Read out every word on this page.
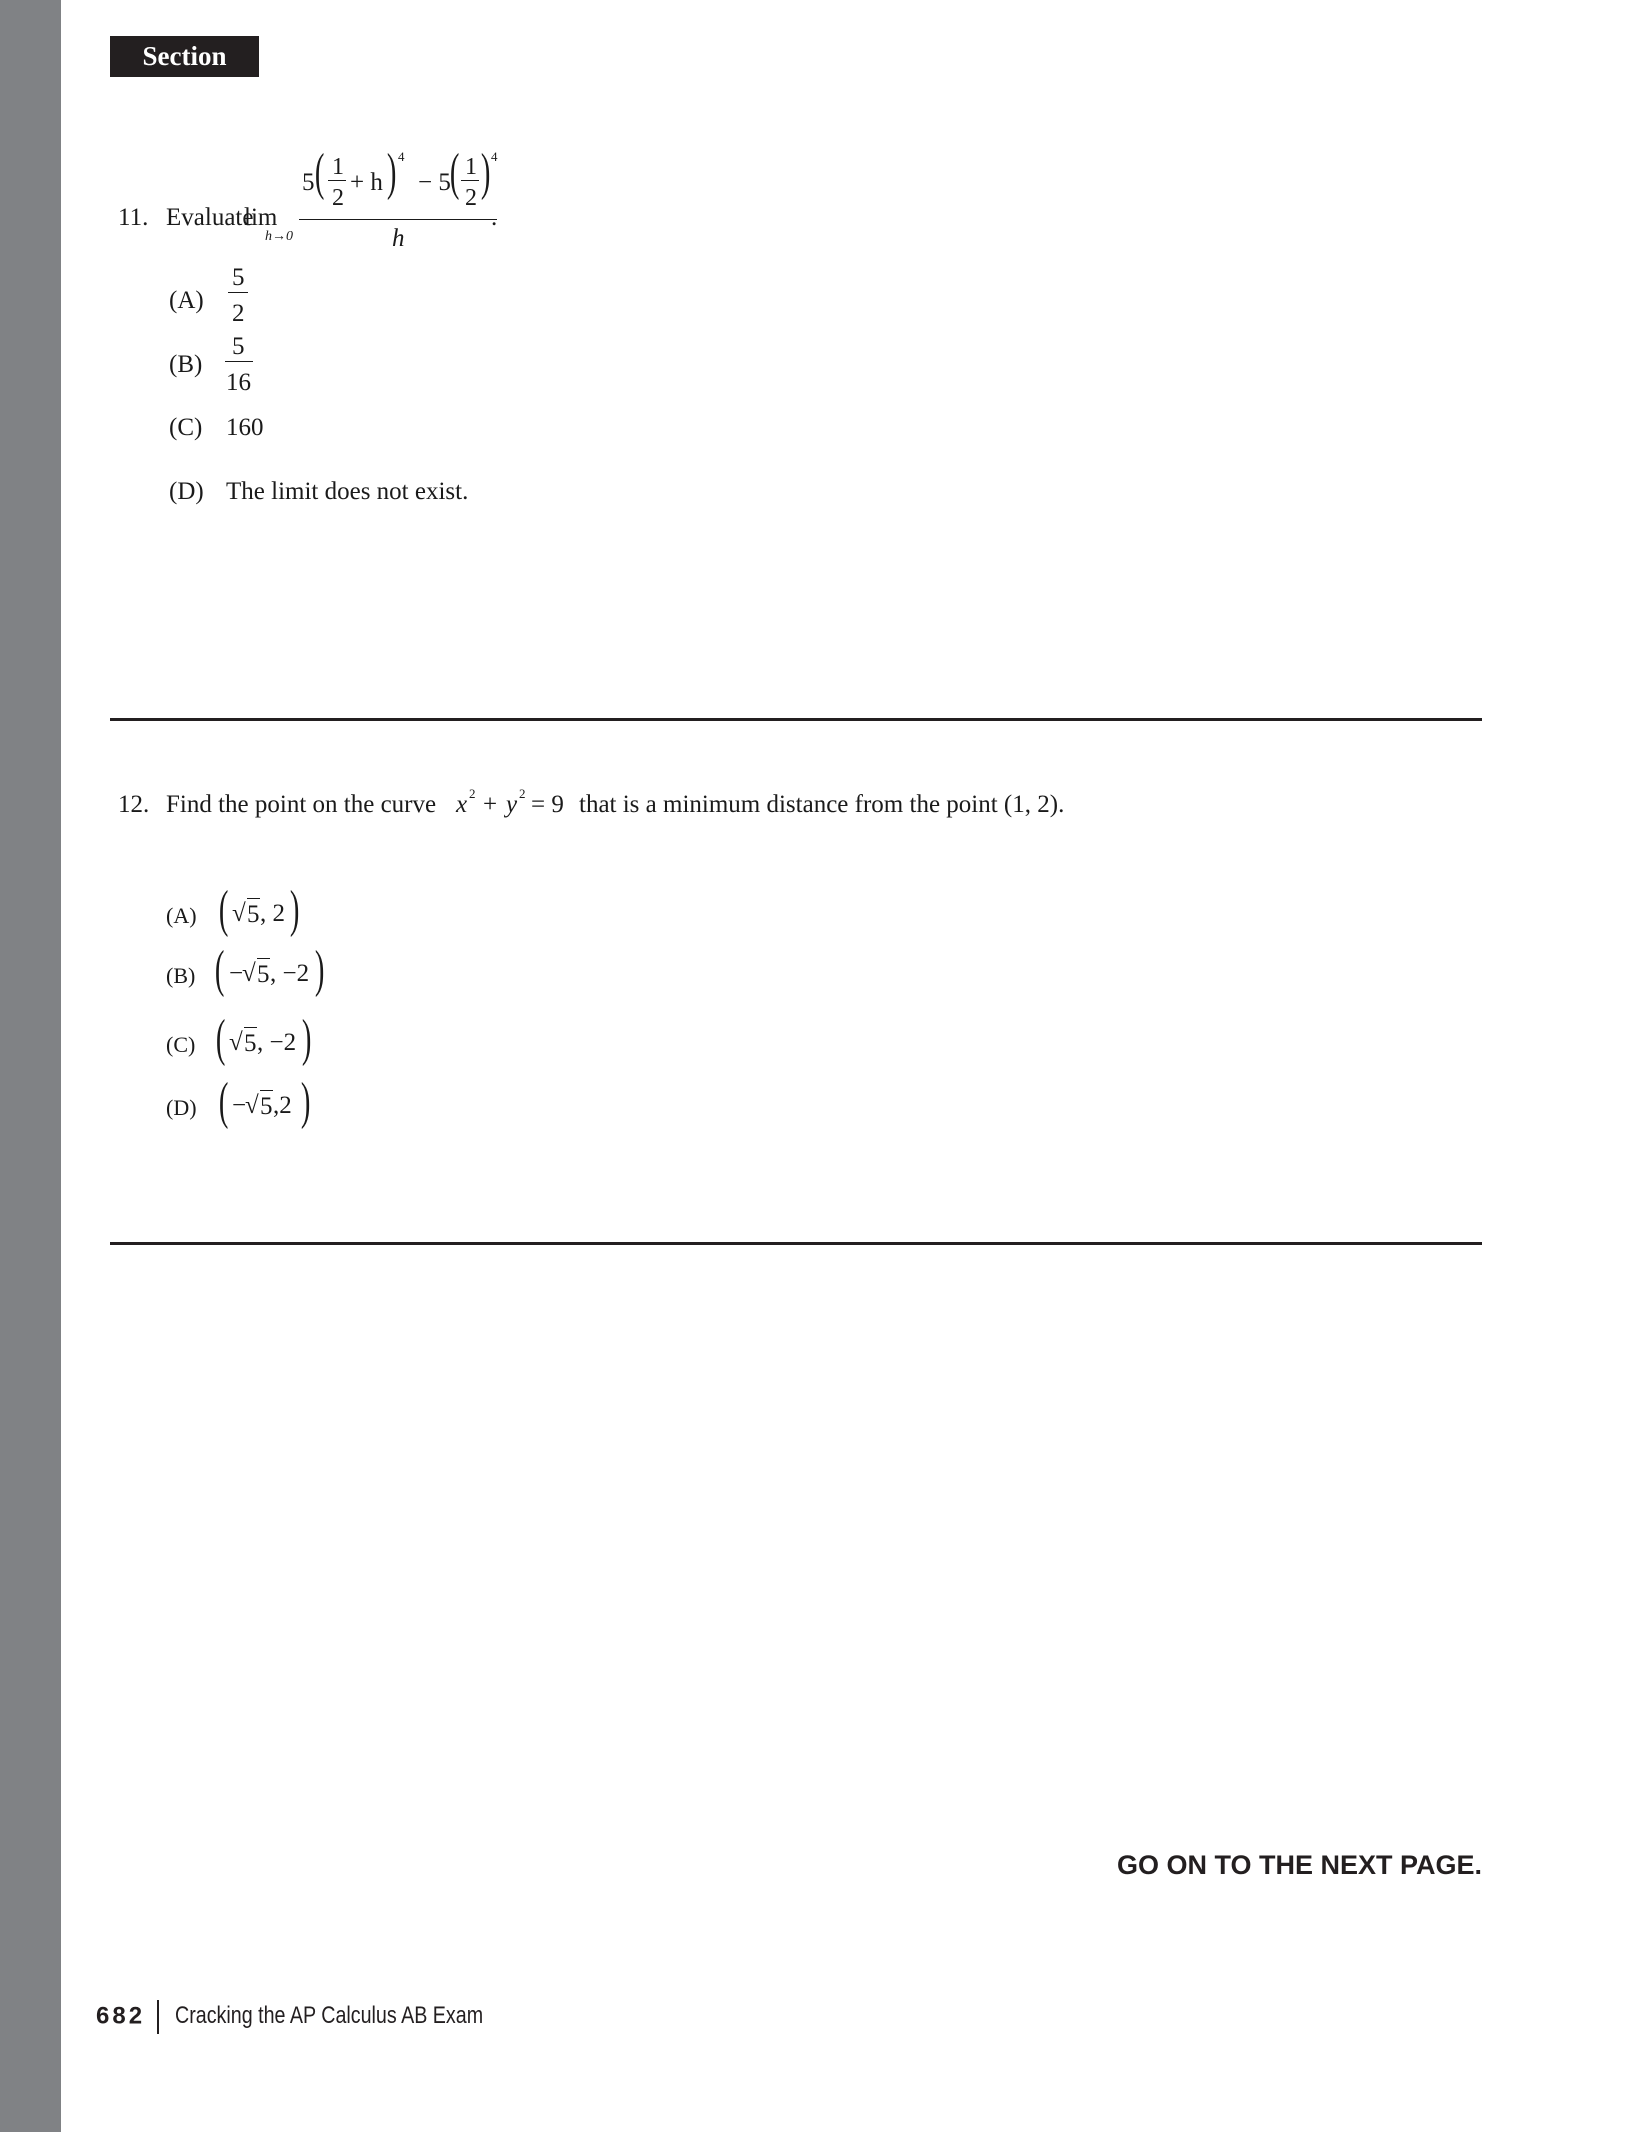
Section I
11. Evaluate
lim
h→0
.
5 ( 1
2
+ h ) 4
− 5 ( 1
2 ) 4
h
(A)
5
2
(B)
5
16
(C) 160
(D) The limit does not exist.
12. Find the point on the curve x 2 + y 2 = 9 that is a minimum distance from the point (1, 2).
(A) ( √ 5 , 2 )
(B) ( −
√ 5 , −2 )
(C) ( √ 5 , −2 )
(D) ( −
√ 5 ,2 )
GO ON TO THE NEXT PAGE.
682 Cracking the AP Calculus AB Exam
